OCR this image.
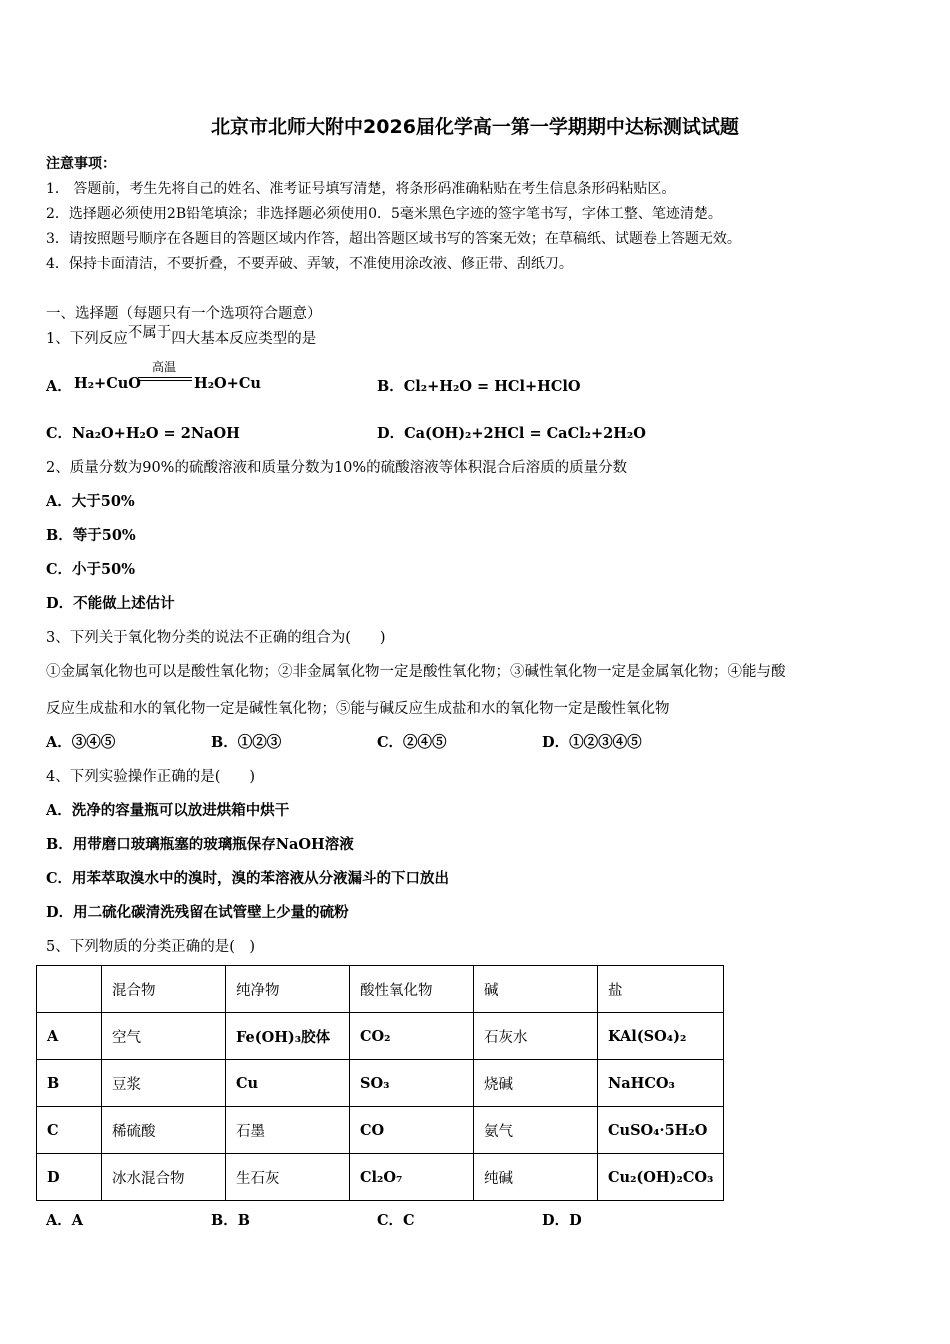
北京市北师大附中2026届化学高一第一学期期中达标测试试题
注意事项：
1． 答题前，考生先将自己的姓名、准考证号填写清楚，将条形码准确粘贴在考生信息条形码粘贴区。
2．选择题必须使用2B铅笔填涂；非选择题必须使用0．5毫米黑色字迹的签字笔书写，字体工整、笔迹清楚。
3．请按照题号顺序在各题目的答题区域内作答，超出答题区域书写的答案无效；在草稿纸、试题卷上答题无效。
4．保持卡面清洁，不要折叠，不要弄破、弄皱，不准使用涂改液、修正带、刮纸刀。
一、选择题（每题只有一个选项符合题意）
1、下列反应不属于四大基本反应类型的是
高温
A． H₂+CuO	H₂O+Cu	B．Cl₂+H₂O = HCl+HClO
C．Na₂O+H₂O = 2NaOH	D．Ca(OH)₂+2HCl = CaCl₂+2H₂O
2、质量分数为90%的硫酸溶液和质量分数为10%的硫酸溶液等体积混合后溶质的质量分数
A．大于50%
B．等于50%
C．小于50%
D．不能做上述估计
3、下列关于氧化物分类的说法不正确的组合为(　　)
①金属氧化物也可以是酸性氧化物；②非金属氧化物一定是酸性氧化物；③碱性氧化物一定是金属氧化物；④能与酸
反应生成盐和水的氧化物一定是碱性氧化物；⑤能与碱反应生成盐和水的氧化物一定是酸性氧化物
A．③④⑤	B．①②③	C．②④⑤	D．①②③④⑤
4、下列实验操作正确的是(　　)
A．洗净的容量瓶可以放进烘箱中烘干
B．用带磨口玻璃瓶塞的玻璃瓶保存NaOH溶液
C．用苯萃取溴水中的溴时，溴的苯溶液从分液漏斗的下口放出
D．用二硫化碳清洗残留在试管壁上少量的硫粉
5、下列物质的分类正确的是(　)
	混合物	纯净物	酸性氧化物	碱	盐
A	空气	Fe(OH)₃胶体	CO₂	石灰水	KAl(SO₄)₂
B	豆浆	Cu	SO₃	烧碱	NaHCO₃
C	稀硫酸	石墨	CO	氨气	CuSO₄·5H₂O
D	冰水混合物	生石灰	Cl₂O₇	纯碱	Cu₂(OH)₂CO₃
A．A	B．B	C．C	D．D
